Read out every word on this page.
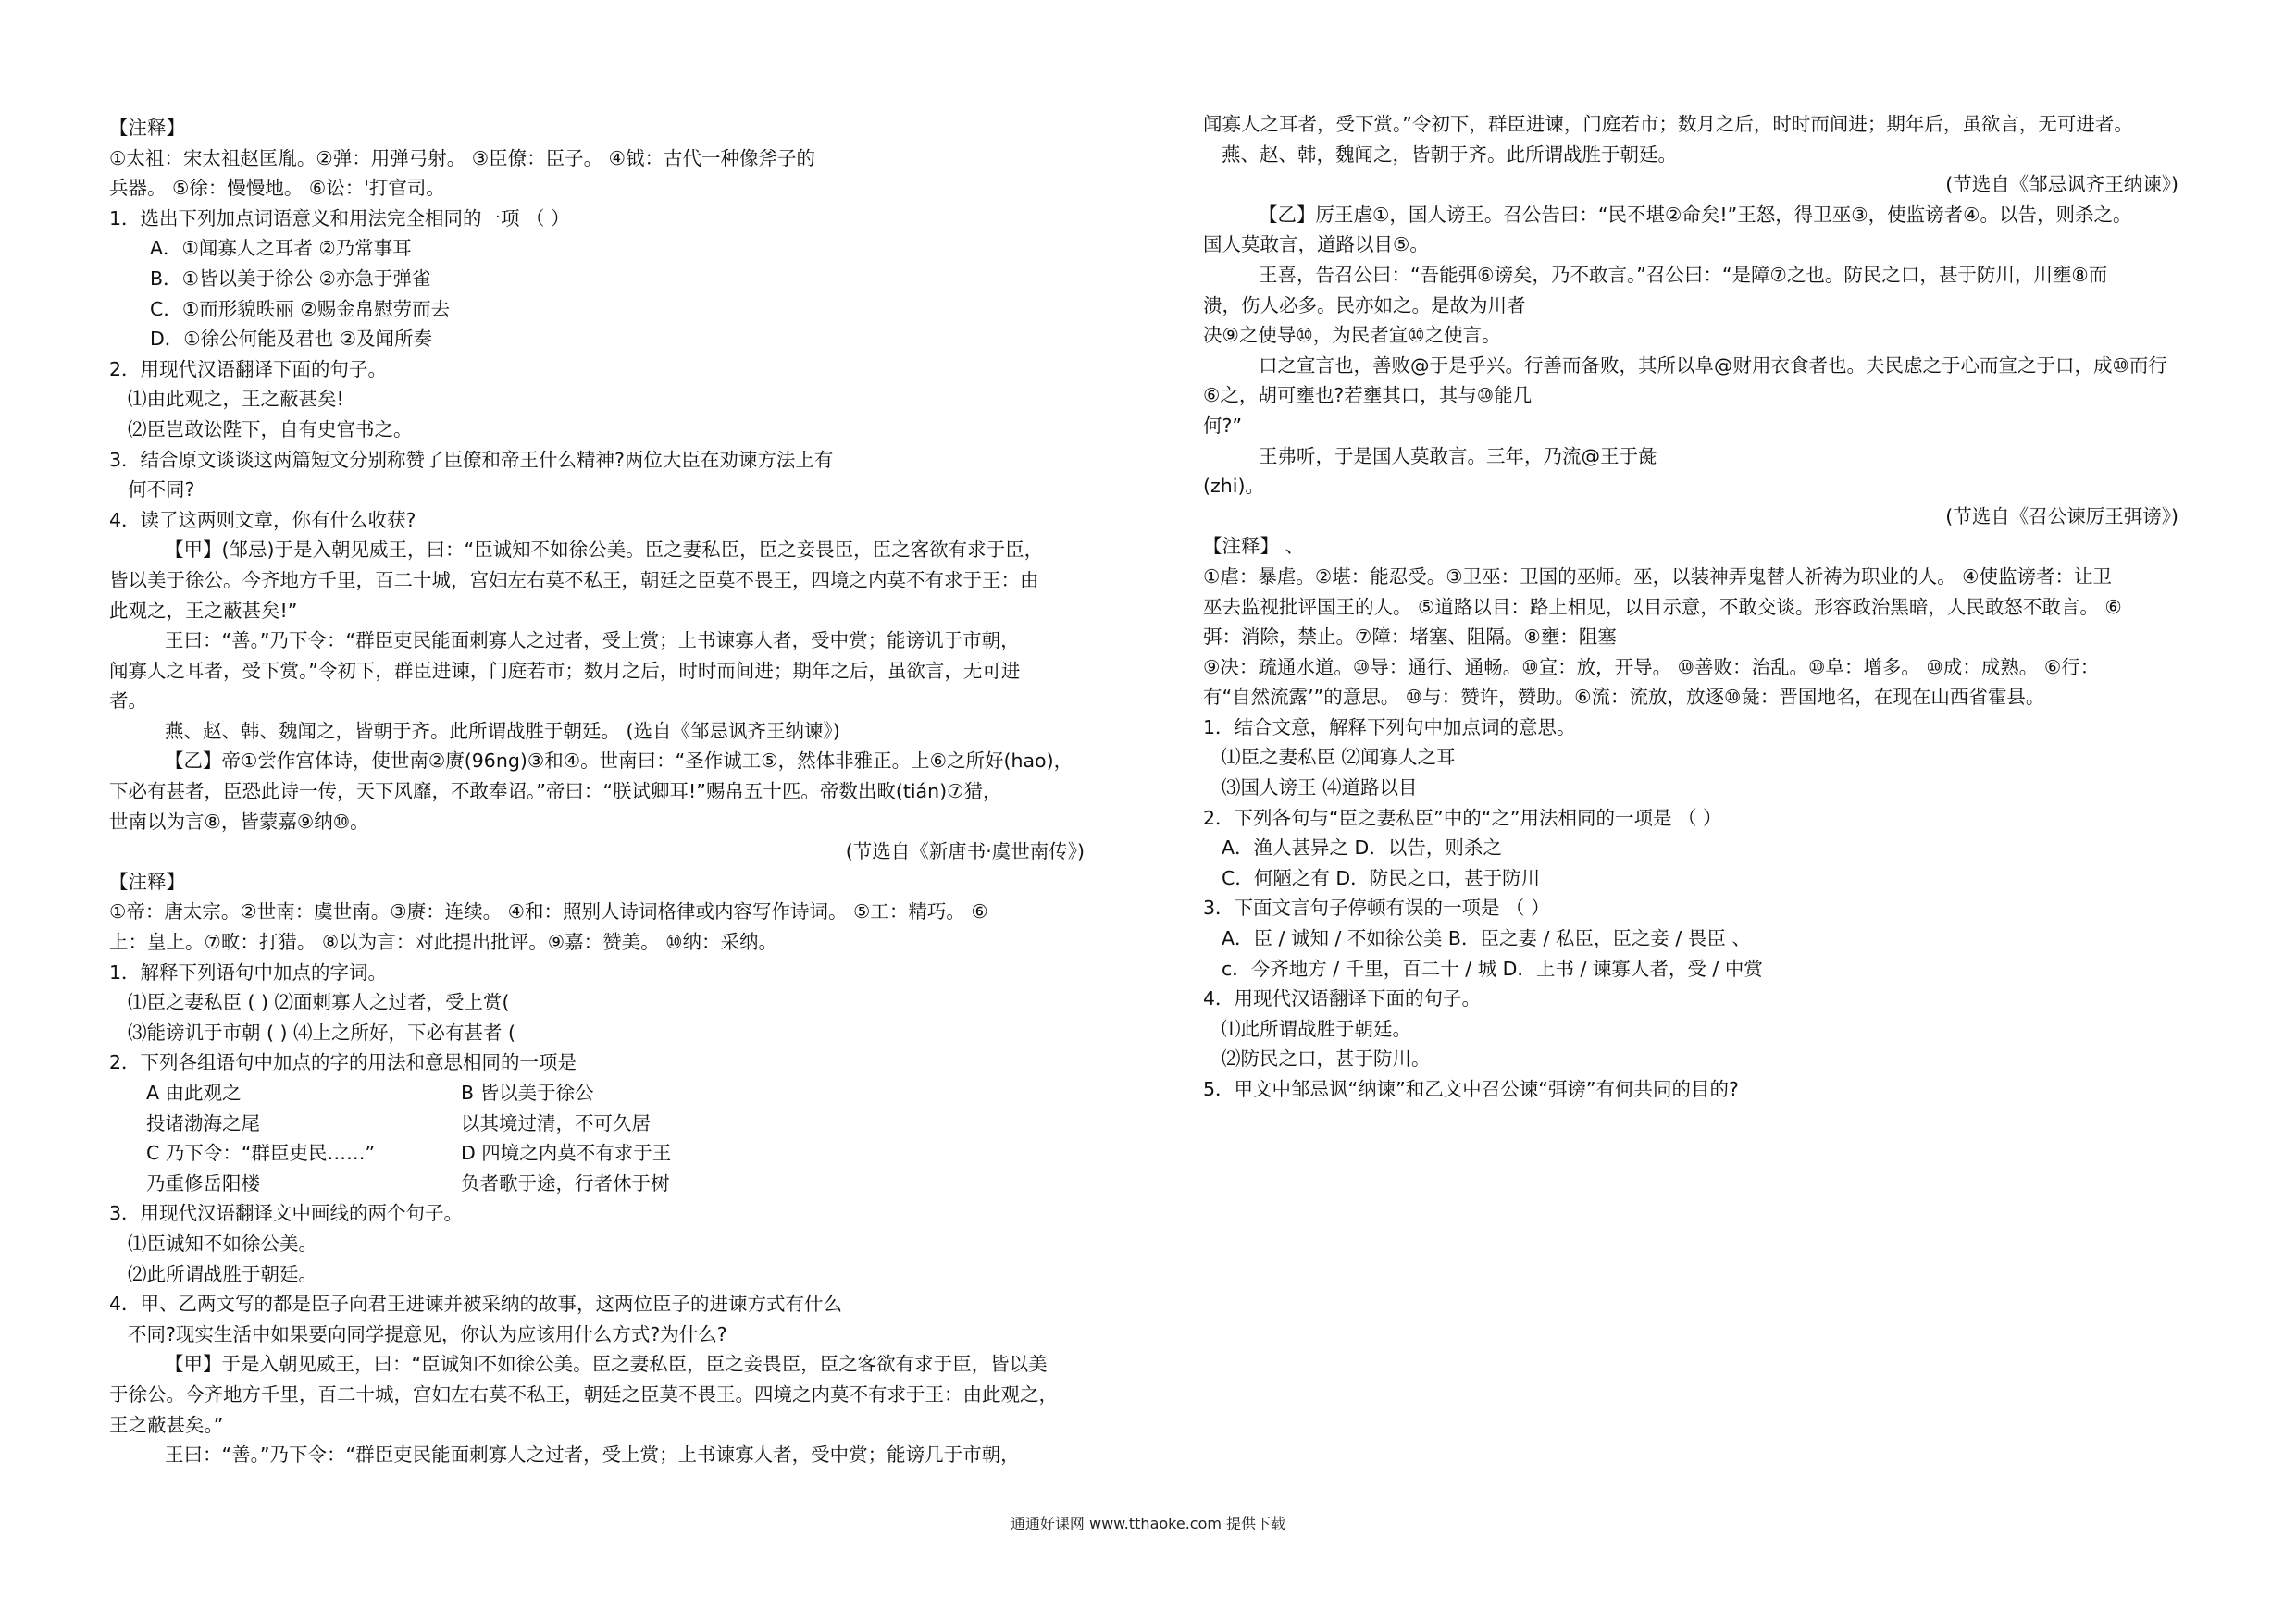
【注释】
①太祖：宋太祖赵匡胤。②弹：用弹弓射。 ③臣僚：臣子。 ④钺：古代一种像斧子的
兵器。 ⑤徐：慢慢地。 ⑥讼：'打官司。
1．选出下列加点词语意义和用法完全相同的一项 （ ）
A．①闻寡人之耳者 ②乃常事耳
B．①皆以美于徐公 ②亦急于弹雀
C．①而形貌昳丽 ②赐金帛慰劳而去
D．①徐公何能及君也 ②及闻所奏
2．用现代汉语翻译下面的句子。
⑴由此观之，王之蔽甚矣!
⑵臣岂敢讼陛下，自有史官书之。
3．结合原文谈谈这两篇短文分别称赞了臣僚和帝王什么精神?两位大臣在劝谏方法上有
何不同?
4．读了这两则文章，你有什么收获?
【甲】(邹忌)于是入朝见威王，曰：“臣诚知不如徐公美。臣之妻私臣，臣之妾畏臣，臣之客欲有求于臣，
皆以美于徐公。今齐地方千里，百二十城，宫妇左右莫不私王，朝廷之臣莫不畏王，四境之内莫不有求于王：由
此观之，王之蔽甚矣!”
王曰：“善。”乃下令：“群臣吏民能面刺寡人之过者，受上赏；上书谏寡人者，受中赏；能谤讥于市朝，
闻寡人之耳者，受下赏。”令初下，群臣进谏，门庭若市；数月之后，时时而间进；期年之后，虽欲言，无可进
者。
燕、赵、韩、魏闻之，皆朝于齐。此所谓战胜于朝廷。 (选自《邹忌讽齐王纳谏》)
【乙】帝①尝作宫体诗，使世南②赓(96ng)③和④。世南曰：“圣作诚工⑤，然体非雅正。上⑥之所好(hao)，
下必有甚者，臣恐此诗一传，天下风靡，不敢奉诏。”帝曰：“朕试卿耳!”赐帛五十匹。帝数出畋(tián)⑦猎，
世南以为言⑧，皆蒙嘉⑨纳⑩。
(节选自《新唐书·虞世南传》)
【注释】
①帝：唐太宗。②世南：虞世南。③赓：连续。 ④和：照别人诗词格律或内容写作诗词。 ⑤工：精巧。 ⑥
上：皇上。⑦畋：打猎。 ⑧以为言：对此提出批评。⑨嘉：赞美。 ⑩纳：采纳。
1．解释下列语句中加点的字词。
⑴臣之妻私臣 ( ) ⑵面刺寡人之过者，受上赏(
⑶能谤讥于市朝 ( ) ⑷上之所好，下必有甚者 (
2．下列各组语句中加点的字的用法和意思相同的一项是
A 由此观之	B 皆以美于徐公
投诸渤海之尾	以其境过清，不可久居
C 乃下令：“群臣吏民……”	D 四境之内莫不有求于王
乃重修岳阳楼	负者歌于途，行者休于树
3．用现代汉语翻译文中画线的两个句子。
⑴臣诚知不如徐公美。
⑵此所谓战胜于朝廷。
4．甲、乙两文写的都是臣子向君王进谏并被采纳的故事，这两位臣子的进谏方式有什么
不同?现实生活中如果要向同学提意见，你认为应该用什么方式?为什么?
【甲】于是入朝见威王，曰：“臣诚知不如徐公美。臣之妻私臣，臣之妾畏臣，臣之客欲有求于臣，皆以美
于徐公。今齐地方千里，百二十城，宫妇左右莫不私王，朝廷之臣莫不畏王。四境之内莫不有求于王：由此观之，
王之蔽甚矣。”
王曰：“善。”乃下令：“群臣吏民能面刺寡人之过者，受上赏；上书谏寡人者，受中赏；能谤几于市朝，
闻寡人之耳者，受下赏。”令初下，群臣进谏，门庭若市；数月之后，时时而间进；期年后，虽欲言，无可进者。
燕、赵、韩，魏闻之，皆朝于齐。此所谓战胜于朝廷。
(节选自《邹忌讽齐王纳谏》)
【乙】厉王虐①，国人谤王。召公告曰：“民不堪②命矣!”王怒，得卫巫③，使监谤者④。以告，则杀之。
国人莫敢言，道路以目⑤。
王喜，告召公曰：“吾能弭⑥谤矣，乃不敢言。”召公曰：“是障⑦之也。防民之口，甚于防川，川壅⑧而
溃，伤人必多。民亦如之。是故为川者
决⑨之使导⑩，为民者宣⑩之使言。
口之宣言也，善败@于是乎兴。行善而备败，其所以阜@财用衣食者也。夫民虑之于心而宣之于口，成⑩而行
⑥之，胡可壅也?若壅其口，其与⑩能几
何?”
王弗听，于是国人莫敢言。三年，乃流@王于彘
(zhi)。
(节选自《召公谏厉王弭谤》)
【注释】 、
①虐：暴虐。②堪：能忍受。③卫巫：卫国的巫师。巫，以装神弄鬼替人祈祷为职业的人。 ④使监谤者：让卫
巫去监视批评国王的人。 ⑤道路以目：路上相见，以目示意，不敢交谈。形容政治黑暗，人民敢怒不敢言。 ⑥
弭：消除，禁止。⑦障：堵塞、阻隔。⑧壅：阻塞
⑨决：疏通水道。⑩导：通行、通畅。⑩宣：放，开导。 ⑩善败：治乱。⑩阜：增多。 ⑩成：成熟。 ⑥行：
有“自然流露’”的意思。 ⑩与：赞许，赞助。⑥流：流放，放逐⑩彘：晋国地名，在现在山西省霍县。
1．结合文意，解释下列句中加点词的意思。
⑴臣之妻私臣 ⑵闻寡人之耳
⑶国人谤王 ⑷道路以目
2．下列各句与“臣之妻私臣”中的“之”用法相同的一项是 （ ）
A．渔人甚异之 D．以告，则杀之
C．何陋之有 D．防民之口，甚于防川
3．下面文言句子停顿有误的一项是 （ ）
A．臣 / 诚知 / 不如徐公美 B．臣之妻 / 私臣，臣之妾 / 畏臣 、
c．今齐地方 / 千里，百二十 / 城 D．上书 / 谏寡人者，受 / 中赏
4．用现代汉语翻译下面的句子。
⑴此所谓战胜于朝廷。
⑵防民之口，甚于防川。
5．甲文中邹忌讽“纳谏”和乙文中召公谏“弭谤”有何共同的目的?
通通好课网 www.tthaoke.com 提供下载
